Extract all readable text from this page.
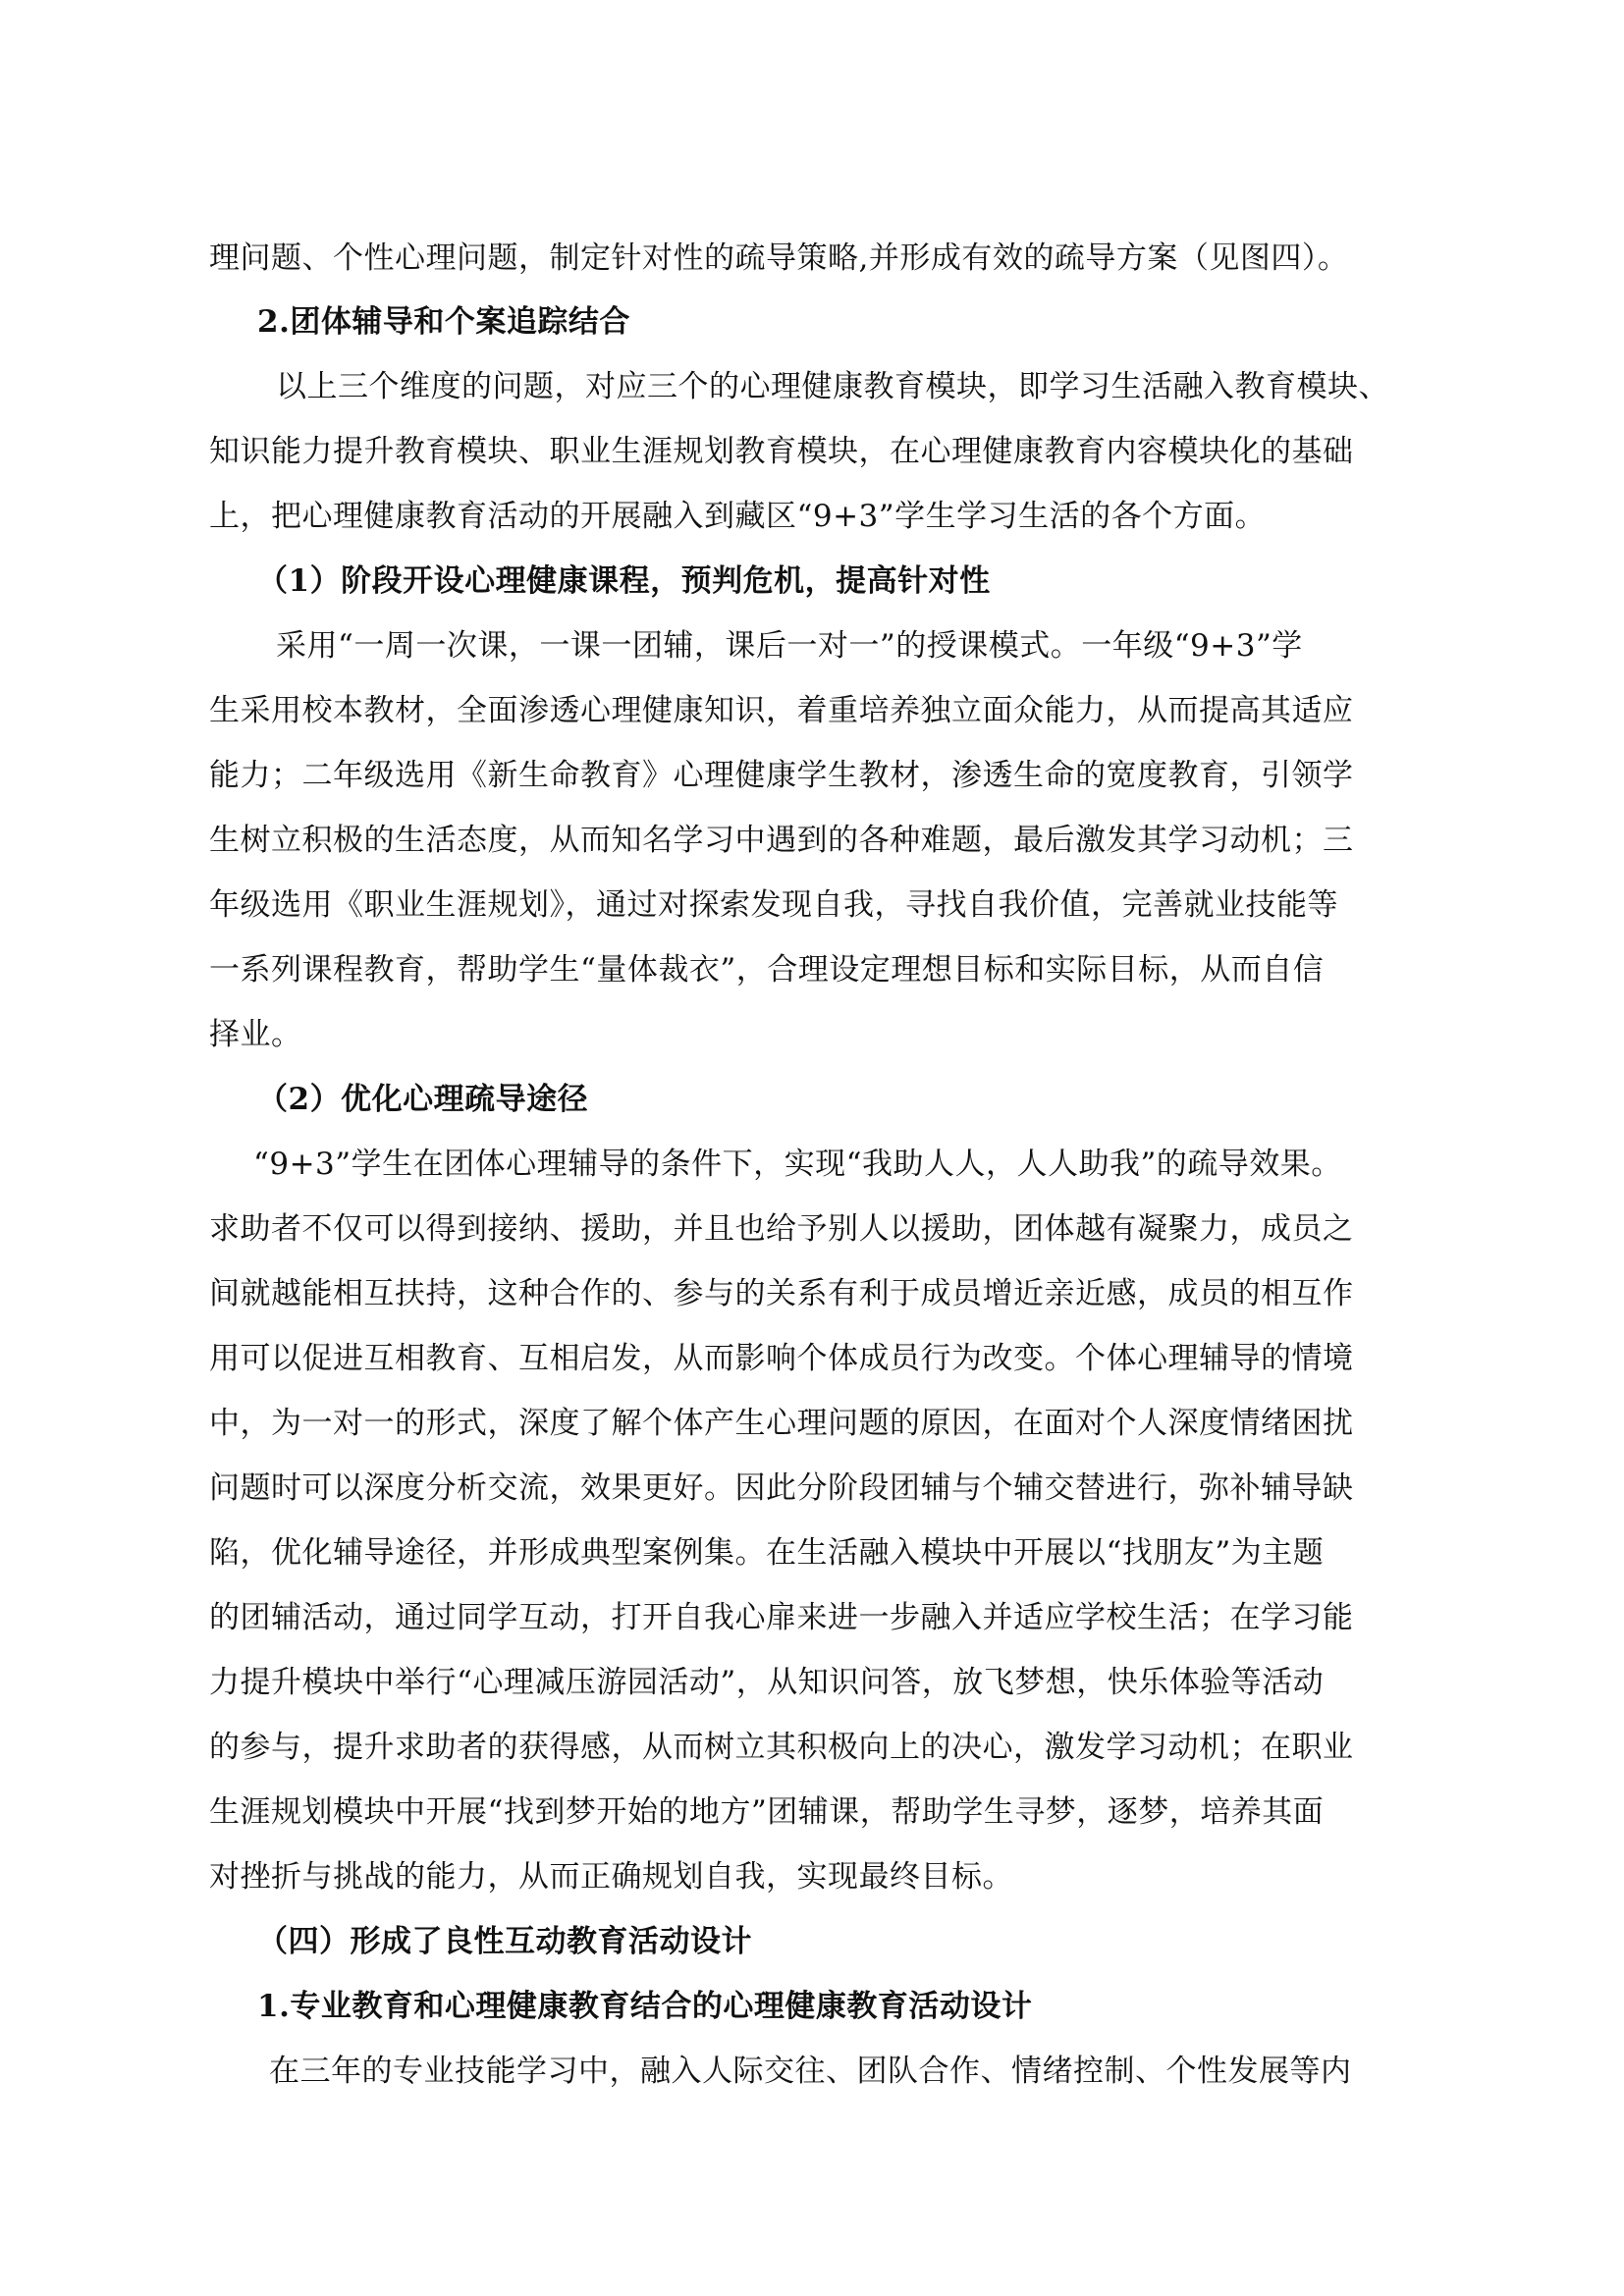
理问题、个性心理问题，制定针对性的疏导策略,并形成有效的疏导方案（见图四）。
2.团体辅导和个案追踪结合
以上三个维度的问题，对应三个的心理健康教育模块，即学习生活融入教育模块、
知识能力提升教育模块、职业生涯规划教育模块，在心理健康教育内容模块化的基础
上，把心理健康教育活动的开展融入到藏区“9+3”学生学习生活的各个方面。
（1）阶段开设心理健康课程，预判危机，提高针对性
采用“一周一次课，一课一团辅，课后一对一”的授课模式。一年级“9+3”学
生采用校本教材，全面渗透心理健康知识，着重培养独立面众能力，从而提高其适应
能力；二年级选用《新生命教育》心理健康学生教材，渗透生命的宽度教育，引领学
生树立积极的生活态度，从而知名学习中遇到的各种难题，最后激发其学习动机；三
年级选用《职业生涯规划》，通过对探索发现自我，寻找自我价值，完善就业技能等
一系列课程教育，帮助学生“量体裁衣”，合理设定理想目标和实际目标，从而自信
择业。
（2）优化心理疏导途径
“9+3”学生在团体心理辅导的条件下，实现“我助人人，人人助我”的疏导效果。
求助者不仅可以得到接纳、援助，并且也给予别人以援助，团体越有凝聚力，成员之
间就越能相互扶持，这种合作的、参与的关系有利于成员增近亲近感，成员的相互作
用可以促进互相教育、互相启发，从而影响个体成员行为改变。个体心理辅导的情境
中，为一对一的形式，深度了解个体产生心理问题的原因，在面对个人深度情绪困扰
问题时可以深度分析交流，效果更好。因此分阶段团辅与个辅交替进行，弥补辅导缺
陷，优化辅导途径，并形成典型案例集。在生活融入模块中开展以“找朋友”为主题
的团辅活动，通过同学互动，打开自我心扉来进一步融入并适应学校生活；在学习能
力提升模块中举行“心理减压游园活动”，从知识问答，放飞梦想，快乐体验等活动
的参与，提升求助者的获得感，从而树立其积极向上的决心，激发学习动机；在职业
生涯规划模块中开展“找到梦开始的地方”团辅课，帮助学生寻梦，逐梦，培养其面
对挫折与挑战的能力，从而正确规划自我，实现最终目标。
（四）形成了良性互动教育活动设计
1.专业教育和心理健康教育结合的心理健康教育活动设计
在三年的专业技能学习中，融入人际交往、团队合作、情绪控制、个性发展等内
